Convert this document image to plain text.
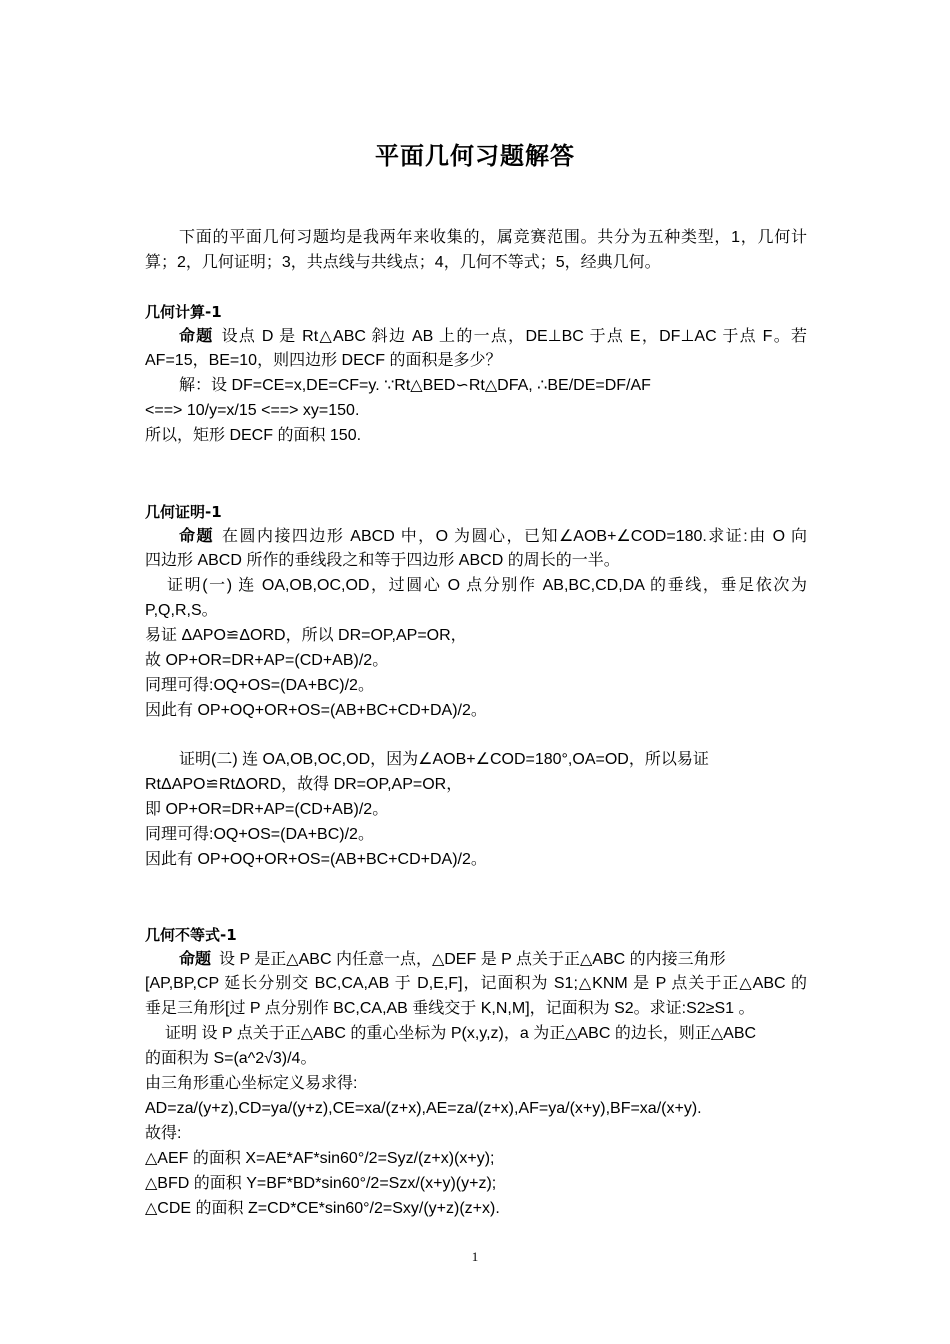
平面几何习题解答
下面的平面几何习题均是我两年来收集的，属竞赛范围。共分为五种类型，1，几何计
算；2，几何证明；3，共点线与共线点；4，几何不等式；5，经典几何。
几何计算-1
命题 设点 D 是 Rt△ABC 斜边 AB 上的一点，DE⊥BC 于点 E，DF⊥AC 于点 F。若
AF=15，BE=10，则四边形 DECF 的面积是多少？
解：设 DF=CE=x,DE=CF=y. ∵Rt△BED∽Rt△DFA, ∴BE/DE=DF/AF
<==> 10/y=x/15 <==> xy=150.
所以，矩形 DECF 的面积 150.
几何证明-1
命题 在圆内接四边形 ABCD 中，O 为圆心，已知∠AOB+∠COD=180.求证:由 O 向
四边形 ABCD 所作的垂线段之和等于四边形 ABCD 的周长的一半。
证明(一) 连 OA,OB,OC,OD，过圆心 O 点分别作 AB,BC,CD,DA 的垂线，垂足依次为
P,Q,R,S。
易证 ΔAPO≌ΔORD，所以 DR=OP,AP=OR，
故 OP+OR=DR+AP=(CD+AB)/2。
同理可得:OQ+OS=(DA+BC)/2。
因此有 OP+OQ+OR+OS=(AB+BC+CD+DA)/2。
证明(二) 连 OA,OB,OC,OD，因为∠AOB+∠COD=180°,OA=OD，所以易证
RtΔAPO≌RtΔORD，故得 DR=OP,AP=OR，
即 OP+OR=DR+AP=(CD+AB)/2。
同理可得:OQ+OS=(DA+BC)/2。
因此有 OP+OQ+OR+OS=(AB+BC+CD+DA)/2。
几何不等式-1
命题 设 P 是正△ABC 内任意一点，△DEF 是 P 点关于正△ABC 的内接三角形
[AP,BP,CP 延长分别交 BC,CA,AB 于 D,E,F]，记面积为 S1;△KNM 是 P 点关于正△ABC 的
垂足三角形[过 P 点分别作 BC,CA,AB 垂线交于 K,N,M]，记面积为 S2。求证:S2≥S1 。
证明 设 P 点关于正△ABC 的重心坐标为 P(x,y,z)，a 为正△ABC 的边长，则正△ABC
的面积为 S=(a^2√3)/4。
由三角形重心坐标定义易求得:
AD=za/(y+z),CD=ya/(y+z),CE=xa/(z+x),AE=za/(z+x),AF=ya/(x+y),BF=xa/(x+y).
故得:
△AEF 的面积 X=AE*AF*sin60°/2=Syz/(z+x)(x+y);
△BFD 的面积 Y=BF*BD*sin60°/2=Szx/(x+y)(y+z);
△CDE 的面积 Z=CD*CE*sin60°/2=Sxy/(y+z)(z+x).
1
